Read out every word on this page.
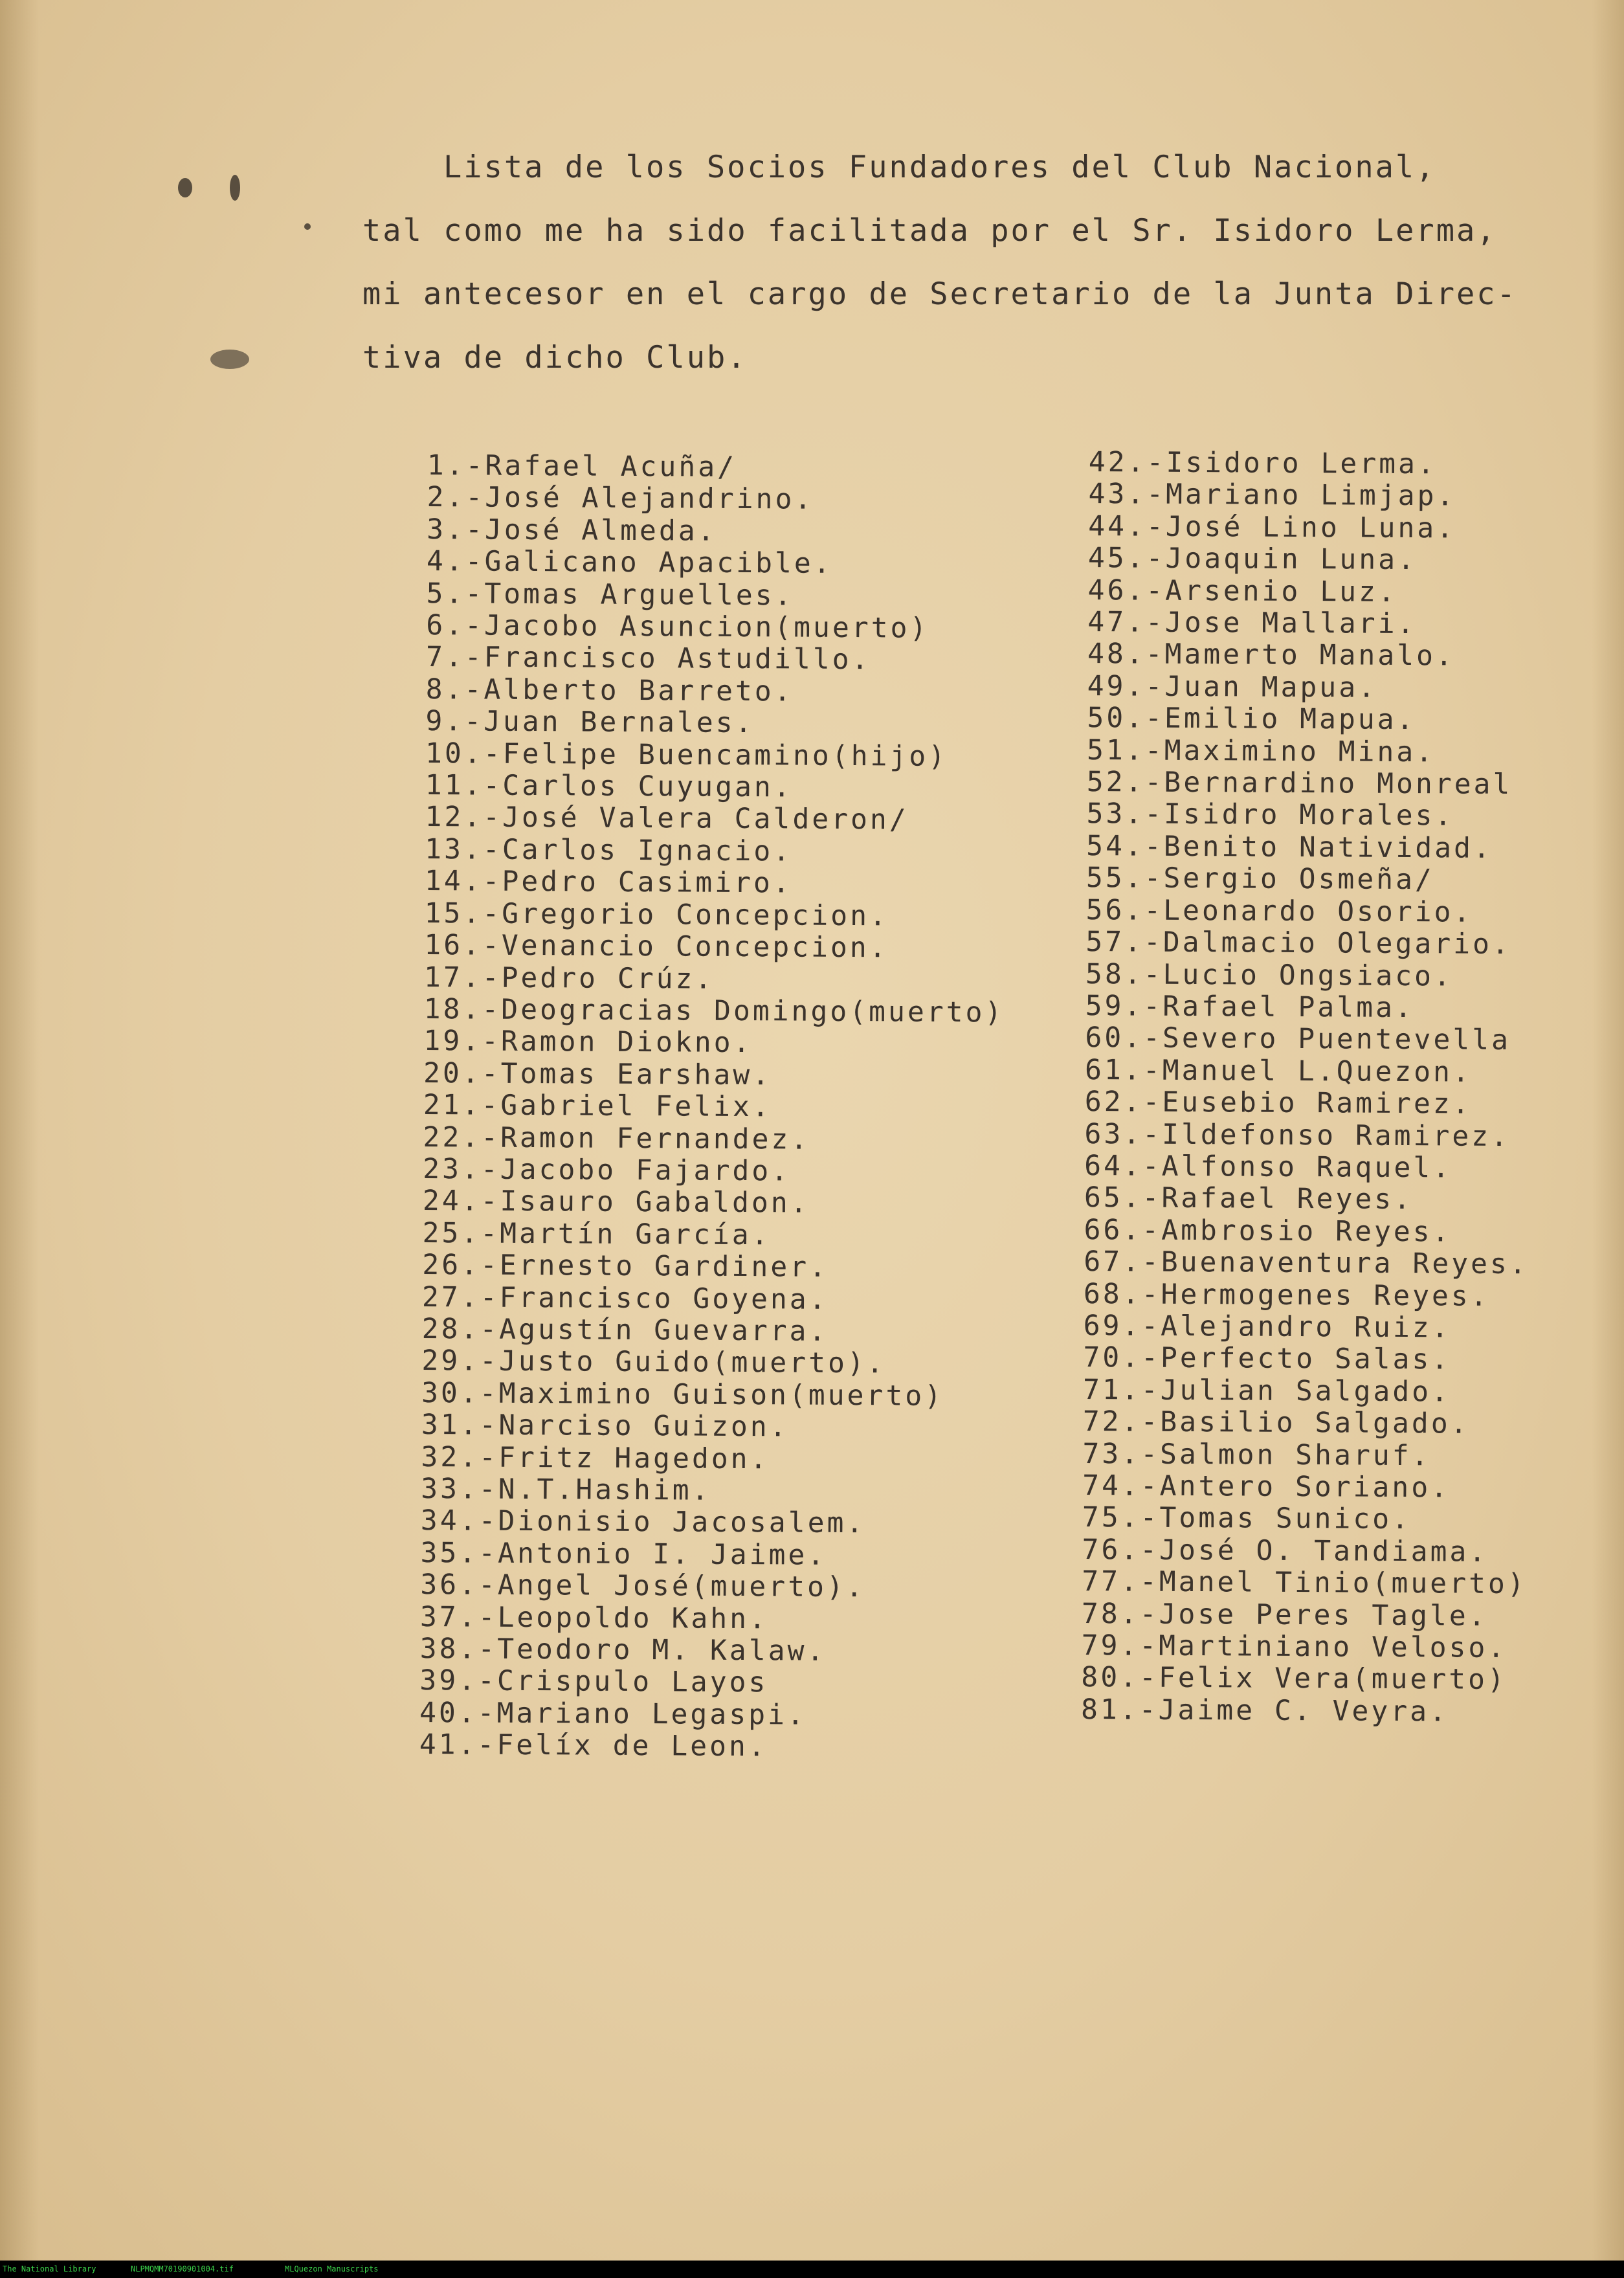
Lista de los Socios Fundadores del Club Nacional,
tal como me ha sido facilitada por el Sr. Isidoro Lerma,
mi antecesor en el cargo de Secretario de la Junta Direc-
tiva de dicho Club.
1.-Rafael Acuña/
2.-José Alejandrino.
3.-José Almeda.
4.-Galicano Apacible.
5.-Tomas Arguelles.
6.-Jacobo Asuncion(muerto)
7.-Francisco Astudillo.
8.-Alberto Barreto.
9.-Juan Bernales.
10.-Felipe Buencamino(hijo)
11.-Carlos Cuyugan.
12.-José Valera Calderon/
13.-Carlos Ignacio.
14.-Pedro Casimiro.
15.-Gregorio Concepcion.
16.-Venancio Concepcion.
17.-Pedro Crúz.
18.-Deogracias Domingo(muerto)
19.-Ramon Diokno.
20.-Tomas Earshaw.
21.-Gabriel Felix.
22.-Ramon Fernandez.
23.-Jacobo Fajardo.
24.-Isauro Gabaldon.
25.-Martín García.
26.-Ernesto Gardiner.
27.-Francisco Goyena.
28.-Agustín Guevarra.
29.-Justo Guido(muerto).
30.-Maximino Guison(muerto)
31.-Narciso Guizon.
32.-Fritz Hagedon.
33.-N.T.Hashim.
34.-Dionisio Jacosalem.
35.-Antonio I. Jaime.
36.-Angel José(muerto).
37.-Leopoldo Kahn.
38.-Teodoro M. Kalaw.
39.-Crispulo Layos
40.-Mariano Legaspi.
41.-Felíx de Leon.
42.-Isidoro Lerma.
43.-Mariano Limjap.
44.-José Lino Luna.
45.-Joaquin Luna.
46.-Arsenio Luz.
47.-Jose Mallari.
48.-Mamerto Manalo.
49.-Juan Mapua.
50.-Emilio Mapua.
51.-Maximino Mina.
52.-Bernardino Monreal
53.-Isidro Morales.
54.-Benito Natividad.
55.-Sergio Osmeña/
56.-Leonardo Osorio.
57.-Dalmacio Olegario.
58.-Lucio Ongsiaco.
59.-Rafael Palma.
60.-Severo Puentevella
61.-Manuel L.Quezon.
62.-Eusebio Ramirez.
63.-Ildefonso Ramirez.
64.-Alfonso Raquel.
65.-Rafael Reyes.
66.-Ambrosio Reyes.
67.-Buenaventura Reyes.
68.-Hermogenes Reyes.
69.-Alejandro Ruiz.
70.-Perfecto Salas.
71.-Julian Salgado.
72.-Basilio Salgado.
73.-Salmon Sharuf.
74.-Antero Soriano.
75.-Tomas Sunico.
76.-José O. Tandiama.
77.-Manel Tinio(muerto)
78.-Jose Peres Tagle.
79.-Martiniano Veloso.
80.-Felix Vera(muerto)
81.-Jaime C. Veyra.
The National Library	NLPMQMM70190901004.tif	MLQuezon Manuscripts
